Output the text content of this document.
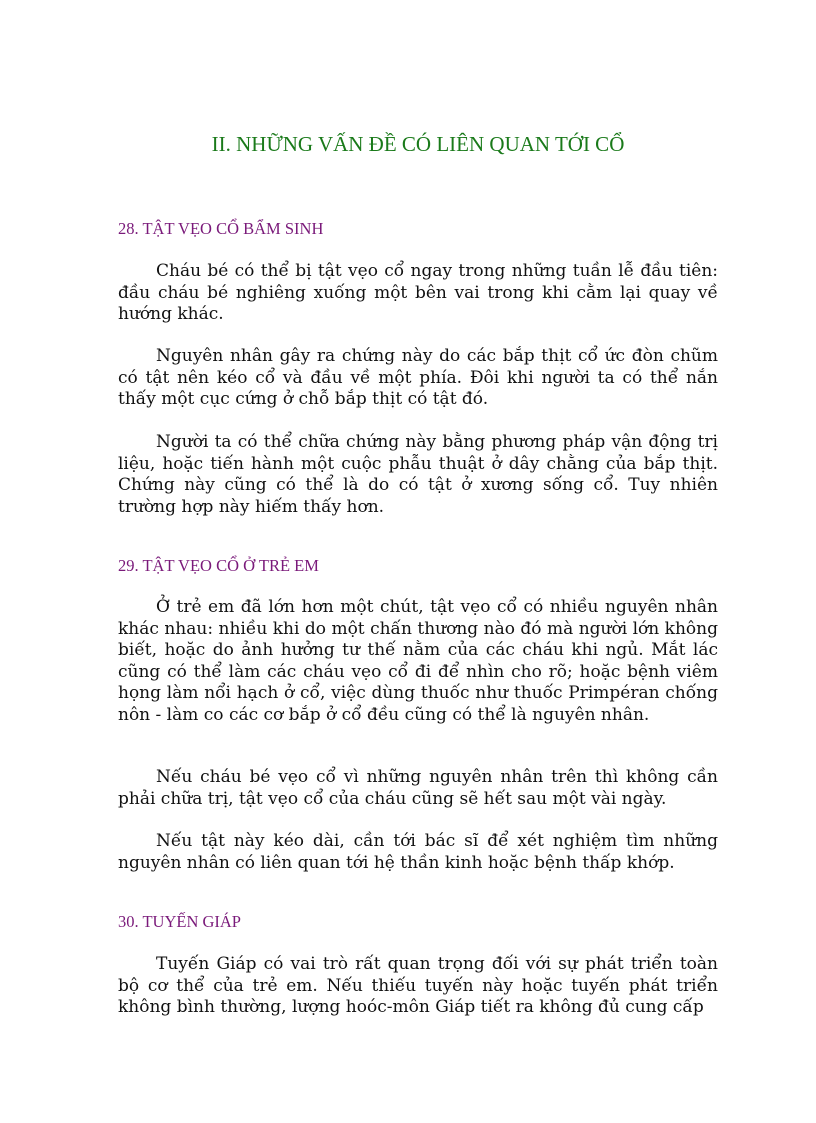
II. NHỮNG VẤN ĐỀ CÓ LIÊN QUAN TỚI CỔ
28. TẬT VẸO CỔ BẨM SINH

Cháu bé có thể bị tật vẹo cổ ngay trong những tuần lễ đầu tiên: đầu cháu bé nghiêng xuống một bên vai trong khi cằm lại quay về hướng khác.

Nguyên nhân gây ra chứng này do các bắp thịt cổ ức đòn chũm có tật nên kéo cổ và đầu về một phía. Đôi khi người ta có thể nắn thấy một cục cứng ở chỗ bắp thịt có tật đó.

Người ta có thể chữa chứng này bằng phương pháp vận động trị liệu, hoặc tiến hành một cuộc phẫu thuật ở dây chằng của bắp thịt. Chứng này cũng có thể là do có tật ở xương sống cổ. Tuy nhiên trường hợp này hiếm thấy hơn.

29. TẬT VẸO CỔ Ở TRẺ EM

Ở trẻ em đã lớn hơn một chút, tật vẹo cổ có nhiều nguyên nhân khác nhau: nhiều khi do một chấn thương nào đó mà người lớn không biết, hoặc do ảnh hưởng tư thế nằm của các cháu khi ngủ. Mắt lác cũng có thể làm các cháu vẹo cổ đi để nhìn cho rõ; hoặc bệnh viêm họng làm nổi hạch ở cổ, việc dùng thuốc như thuốc Primpéran chống nôn - làm co các cơ bắp ở cổ đều cũng có thể là nguyên nhân.

Nếu cháu bé vẹo cổ vì những nguyên nhân trên thì không cần phải chữa trị, tật vẹo cổ của cháu cũng sẽ hết sau một vài ngày.

Nếu tật này kéo dài, cần tới bác sĩ để xét nghiệm tìm những nguyên nhân có liên quan tới hệ thần kinh hoặc bệnh thấp khớp.

30. TUYẾN GIÁP

Tuyến Giáp có vai trò rất quan trọng đối với sự phát triển toàn bộ cơ thể của trẻ em. Nếu thiếu tuyến này hoặc tuyến phát triển không bình thường, lượng hoóc-môn Giáp tiết ra không đủ cung cấp
